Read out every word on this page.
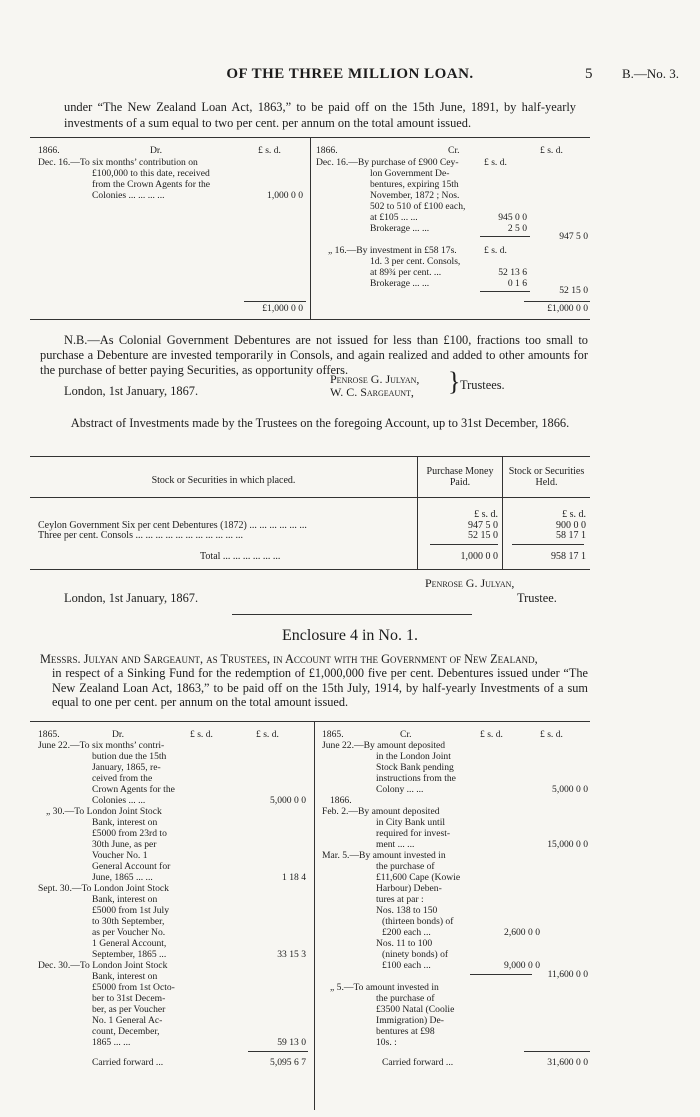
OF THE THREE MILLION LOAN.	5 B.—No. 3.
under “The New Zealand Loan Act, 1863,” to be paid off on the 15th June, 1891, by half-yearly investments of a sum equal to two per cent. per annum on the total amount issued.
1866.	Dr.	£ s. d.
Dec. 16.—To six months’ contribution on
£100,000 to this date, received
from the Crown Agents for the
Colonies ... ... ... ...	1,000 0 0
£1,000 0 0
1866.	Cr.	£ s. d.
Dec. 16.—By purchase of £900 Cey-	£ s. d.
lon Government De-
bentures, expiring 15th
November, 1872 ; Nos.
502 to 510 of £100 each,
at £105 ... ...	945 0 0
Brokerage ... ...	2 5 0
947 5 0
„ 16.—By investment in £58 17s.	£ s. d.
1d. 3 per cent. Consols,
at 89¾ per cent. ...	52 13 6
Brokerage ... ...	0 1 6
52 15 0
£1,000 0 0
N.B.—As Colonial Government Debentures are not issued for less than £100, fractions too small to purchase a Debenture are invested temporarily in Consols, and again realized and added to other amounts for the purchase of better paying Securities, as opportunity offers.
London, 1st January, 1867.
Penrose G. Julyan,
W. C. Sargeaunt, } Trustees.
Abstract of Investments made by the Trustees on the foregoing Account, up to 31st December, 1866.
Stock or Securities in which placed.
Purchase Money Paid.
Stock or Securities Held.
£ s. d.	£ s. d.
Ceylon Government Six per cent Debentures (1872) ... ... ... ... ... ...	947 5 0	900 0 0
Three per cent. Consols ... ... ... ... ... ... ... ... ... ... ...	52 15 0	58 17 1
Total ... ... ... ... ... ...	1,000 0 0	958 17 1
Penrose G. Julyan,
London, 1st January, 1867.	Trustee.
Enclosure 4 in No. 1.
Messrs. Julyan and Sargeaunt, as Trustees, in Account with the Government of New Zealand,
in respect of a Sinking Fund for the redemption of £1,000,000 five per cent. Debentures issued under “The New Zealand Loan Act, 1863,” to be paid off on the 15th July, 1914, by half-yearly Investments of a sum equal to one per cent. per annum on the total amount issued.
1865.	Dr.	£ s. d.	£ s. d.
June 22.—To six months’ contri-
bution due the 15th
January, 1865, re-
ceived from the
Crown Agents for the
Colonies ... ...	5,000 0 0
„ 30.—To London Joint Stock
Bank, interest on
£5000 from 23rd to
30th June, as per
Voucher No. 1
General Account for
June, 1865 ... ...	1 18 4
Sept. 30.—To London Joint Stock
Bank, interest on
£5000 from 1st July
to 30th September,
as per Voucher No.
1 General Account,
September, 1865 ...	33 15 3
Dec. 30.—To London Joint Stock
Bank, interest on
£5000 from 1st Octo-
ber to 31st Decem-
ber, as per Voucher
No. 1 General Ac-
count, December,
1865 ... ...	59 13 0
Carried forward ...	5,095 6 7
1865.	Cr.	£ s. d.	£ s. d.
June 22.—By amount deposited
in the London Joint
Stock Bank pending
instructions from the
Colony ... ...	5,000 0 0
1866.
Feb. 2.—By amount deposited
in City Bank until
required for invest-
ment ... ...	15,000 0 0
Mar. 5.—By amount invested in
the purchase of
£11,600 Cape (Kowie
Harbour) Deben-
tures at par :
Nos. 138 to 150
(thirteen bonds) of
£200 each ...	2,600 0 0
Nos. 11 to 100
(ninety bonds) of
£100 each ...	9,000 0 0
11,600 0 0
„ 5.—To amount invested in
the purchase of
£3500 Natal (Coolie
Immigration) De-
bentures at £98
10s. :
Carried forward ...	31,600 0 0
